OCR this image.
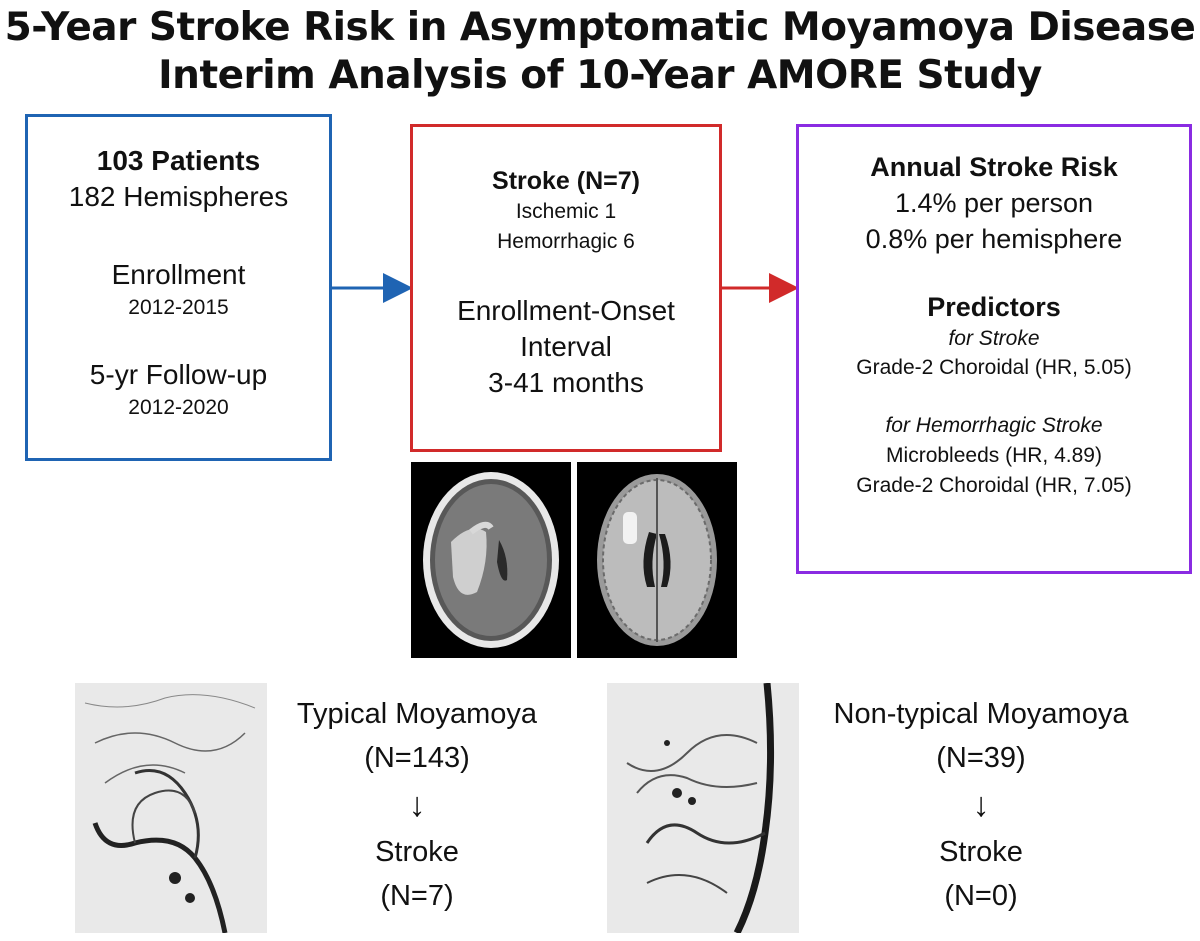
5-Year Stroke Risk in Asymptomatic Moyamoya Disease
Interim Analysis of 10-Year AMORE Study
103 Patients
182 Hemispheres
Enrollment
2012-2015
5-yr Follow-up
2012-2020
Stroke (N=7)
Ischemic 1
Hemorrhagic 6
Enrollment-Onset
Interval
3-41 months
Annual Stroke Risk
1.4% per person
0.8% per hemisphere
Predictors
for Stroke
Grade-2 Choroidal (HR, 5.05)
for Hemorrhagic Stroke
Microbleeds (HR, 4.89)
Grade-2 Choroidal (HR, 7.05)
Typical Moyamoya
(N=143)
↓
Stroke
(N=7)
Non-typical Moyamoya
(N=39)
↓
Stroke
(N=0)
